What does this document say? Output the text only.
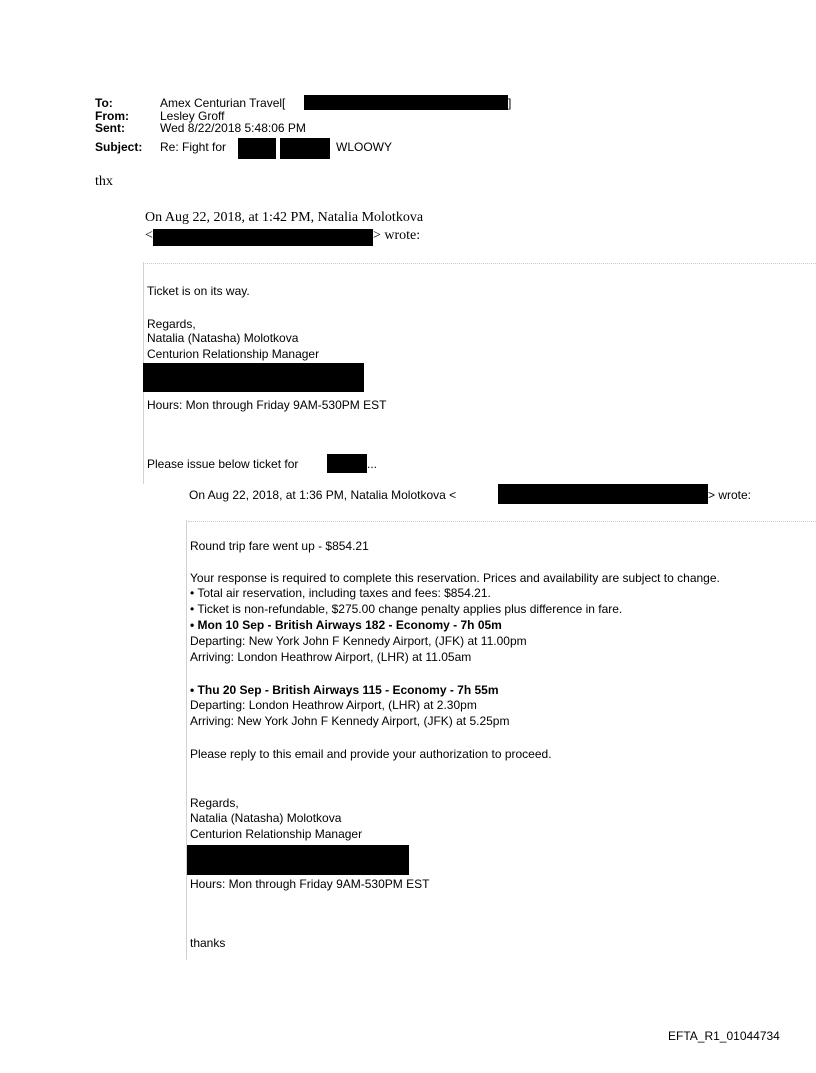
To:	Amex Centurian Travel[	]
From:	Lesley Groff
Sent:	Wed 8/22/2018 5:48:06 PM
Subject: Re: Fight for	WLOOWY
thx
On Aug 22, 2018, at 1:42 PM, Natalia Molotkova
<	> wrote:
Ticket is on its way.
Regards,
Natalia (Natasha) Molotkova
Centurion Relationship Manager
Hours: Mon through Friday 9AM-530PM EST
Please issue below ticket for	...
On Aug 22, 2018, at 1:36 PM, Natalia Molotkova <	> wrote:
Round trip fare went up - $854.21
Your response is required to complete this reservation. Prices and availability are subject to change.
• Total air reservation, including taxes and fees: $854.21.
• Ticket is non-refundable, $275.00 change penalty applies plus difference in fare.
• Mon 10 Sep - British Airways 182 - Economy - 7h 05m
Departing: New York John F Kennedy Airport, (JFK) at 11.00pm
Arriving: London Heathrow Airport, (LHR) at 11.05am
• Thu 20 Sep - British Airways 115 - Economy - 7h 55m
Departing: London Heathrow Airport, (LHR) at 2.30pm
Arriving: New York John F Kennedy Airport, (JFK) at 5.25pm
Please reply to this email and provide your authorization to proceed.
Regards,
Natalia (Natasha) Molotkova
Centurion Relationship Manager
Hours: Mon through Friday 9AM-530PM EST
thanks
EFTA_R1_01044734
